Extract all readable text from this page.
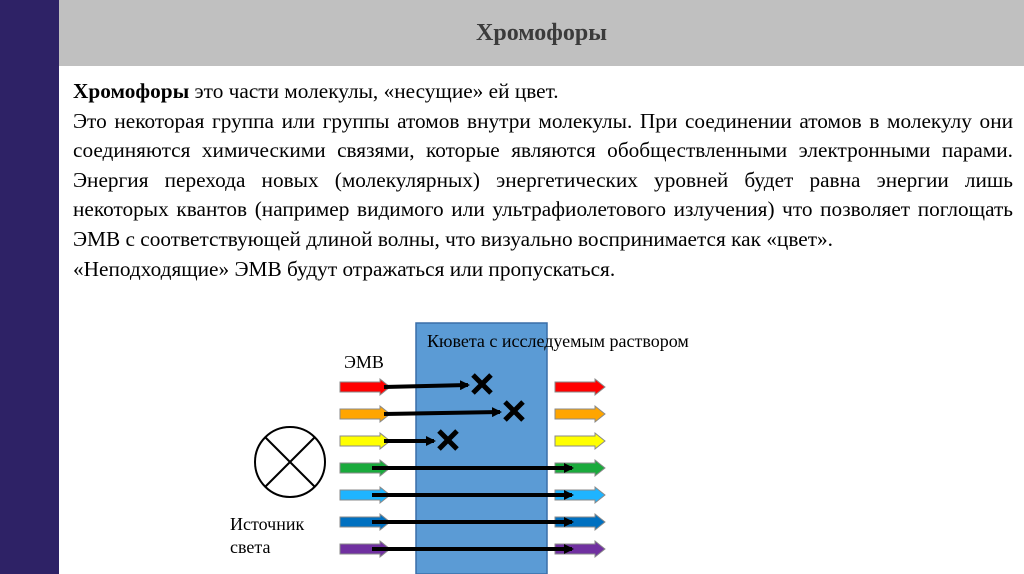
Хромофоры

Хромофоры это части молекулы, «несущие» ей цвет.

Это некоторая группа или группы атомов внутри молекулы. При соединении атомов в молекулу они соединяются химическими связями, которые являются обобществленными электронными парами. Энергия перехода новых (молекулярных) энергетических уровней будет равна энергии лишь некоторых квантов (например видимого или ультрафиолетового излучения) что позволяет поглощать ЭМВ с соответствующей длиной волны, что визуально воспринимается как «цвет».

«Неподходящие» ЭМВ будут отражаться или пропускаться.

Кювета с исследуемым раствором
ЭМВ
Источник
света
